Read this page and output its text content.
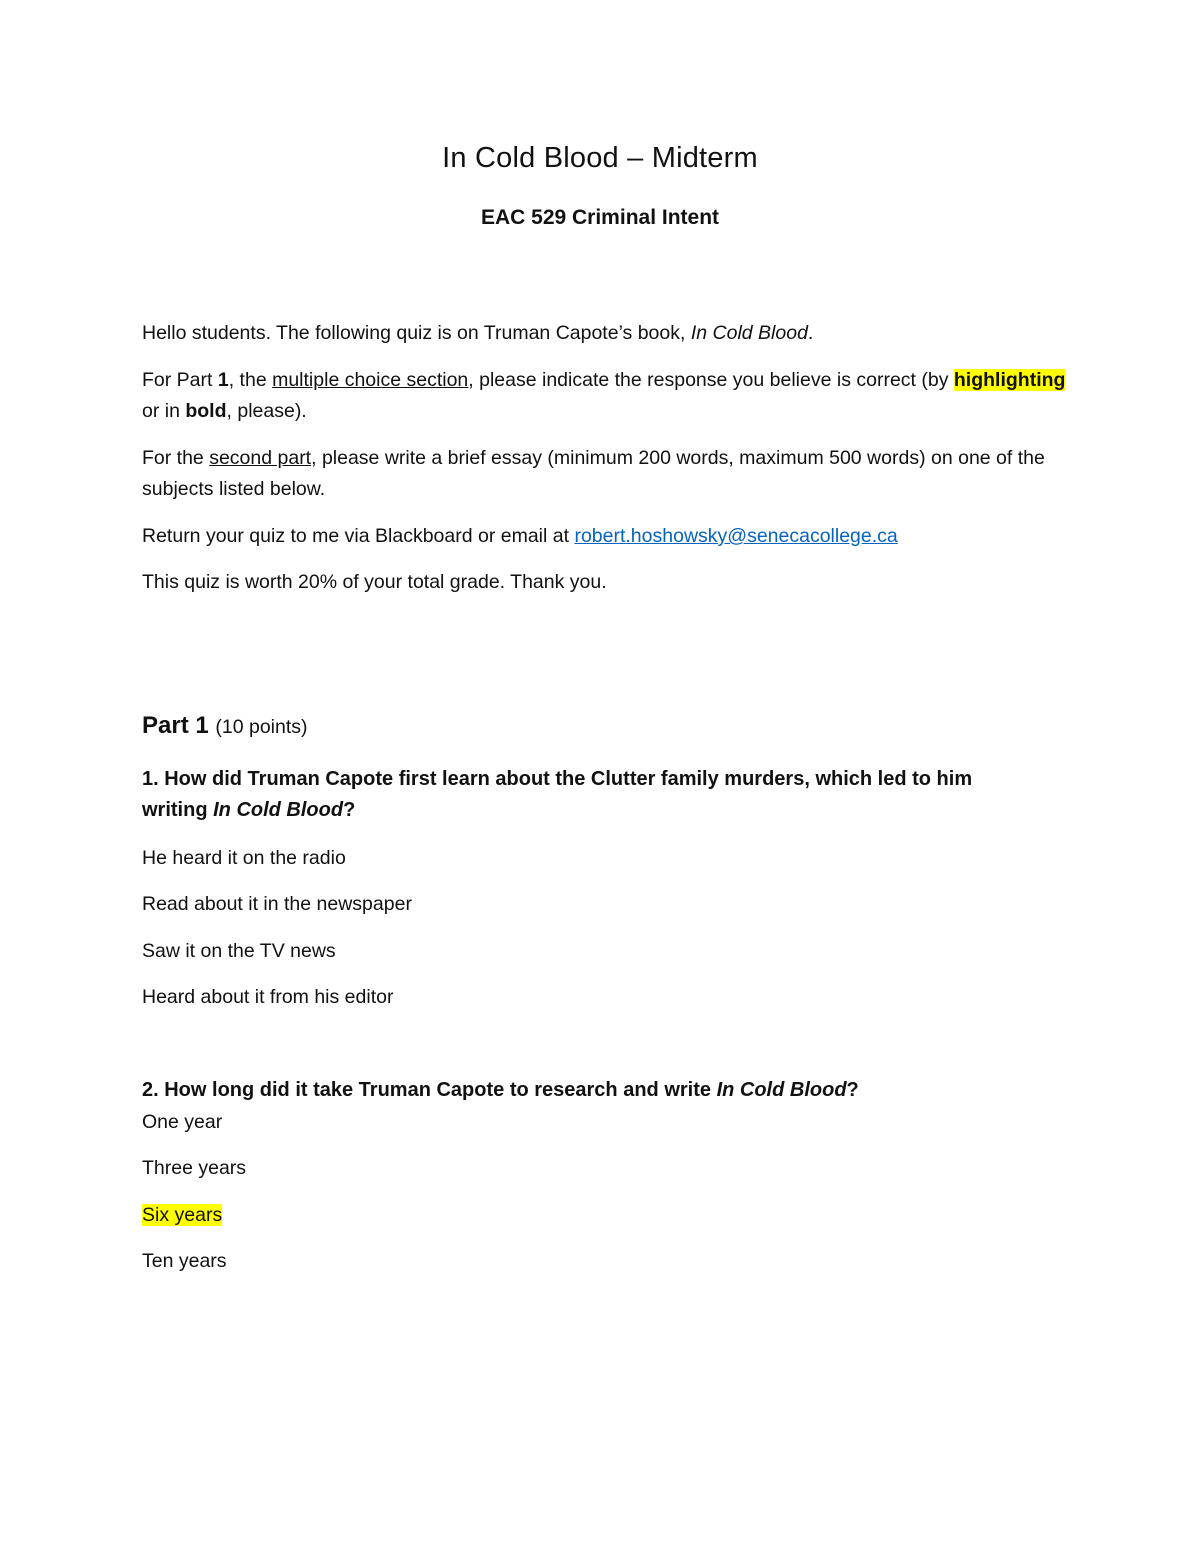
In Cold Blood – Midterm
EAC 529 Criminal Intent

Hello students. The following quiz is on Truman Capote’s book, In Cold Blood.

For Part 1, the multiple choice section, please indicate the response you believe is correct (by highlighting or in bold, please).

For the second part, please write a brief essay (minimum 200 words, maximum 500 words) on one of the subjects listed below.

Return your quiz to me via Blackboard or email at robert.hoshowsky@senecacollege.ca

This quiz is worth 20% of your total grade. Thank you.

Part 1 (10 points)

1. How did Truman Capote first learn about the Clutter family murders, which led to him writing In Cold Blood?

He heard it on the radio

Read about it in the newspaper

Saw it on the TV news

Heard about it from his editor

2. How long did it take Truman Capote to research and write In Cold Blood?

One year

Three years

Six years

Ten years
